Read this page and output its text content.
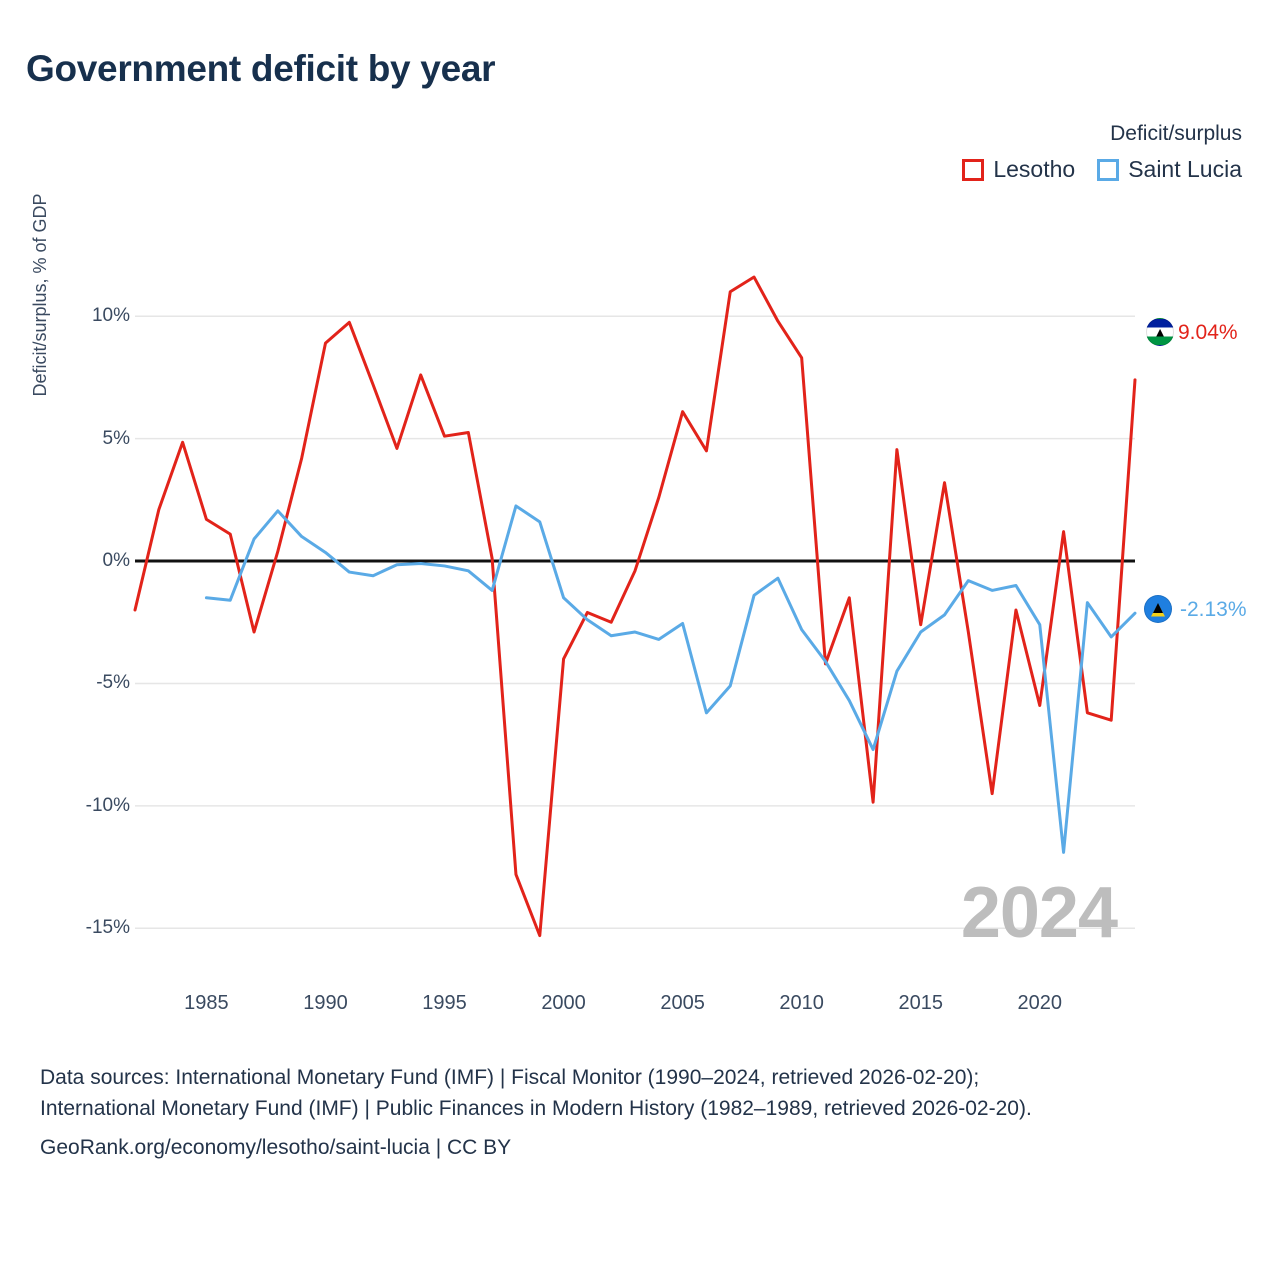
Government deficit by year
Deficit/surplus
Lesotho Saint Lucia
Deficit/surplus, % of GDP	10%
5%
0%
-5%
-10%
-15%
1985	1990	1995	2000	2005	2010	2015	2020
2024
▲ 9.04%
-2.13%
Data sources: International Monetary Fund (IMF) | Fiscal Monitor (1990–2024, retrieved 2026-02-20);
International Monetary Fund (IMF) | Public Finances in Modern History (1982–1989, retrieved 2026-02-20).
GeoRank.org/economy/lesotho/saint-lucia | CC BY
